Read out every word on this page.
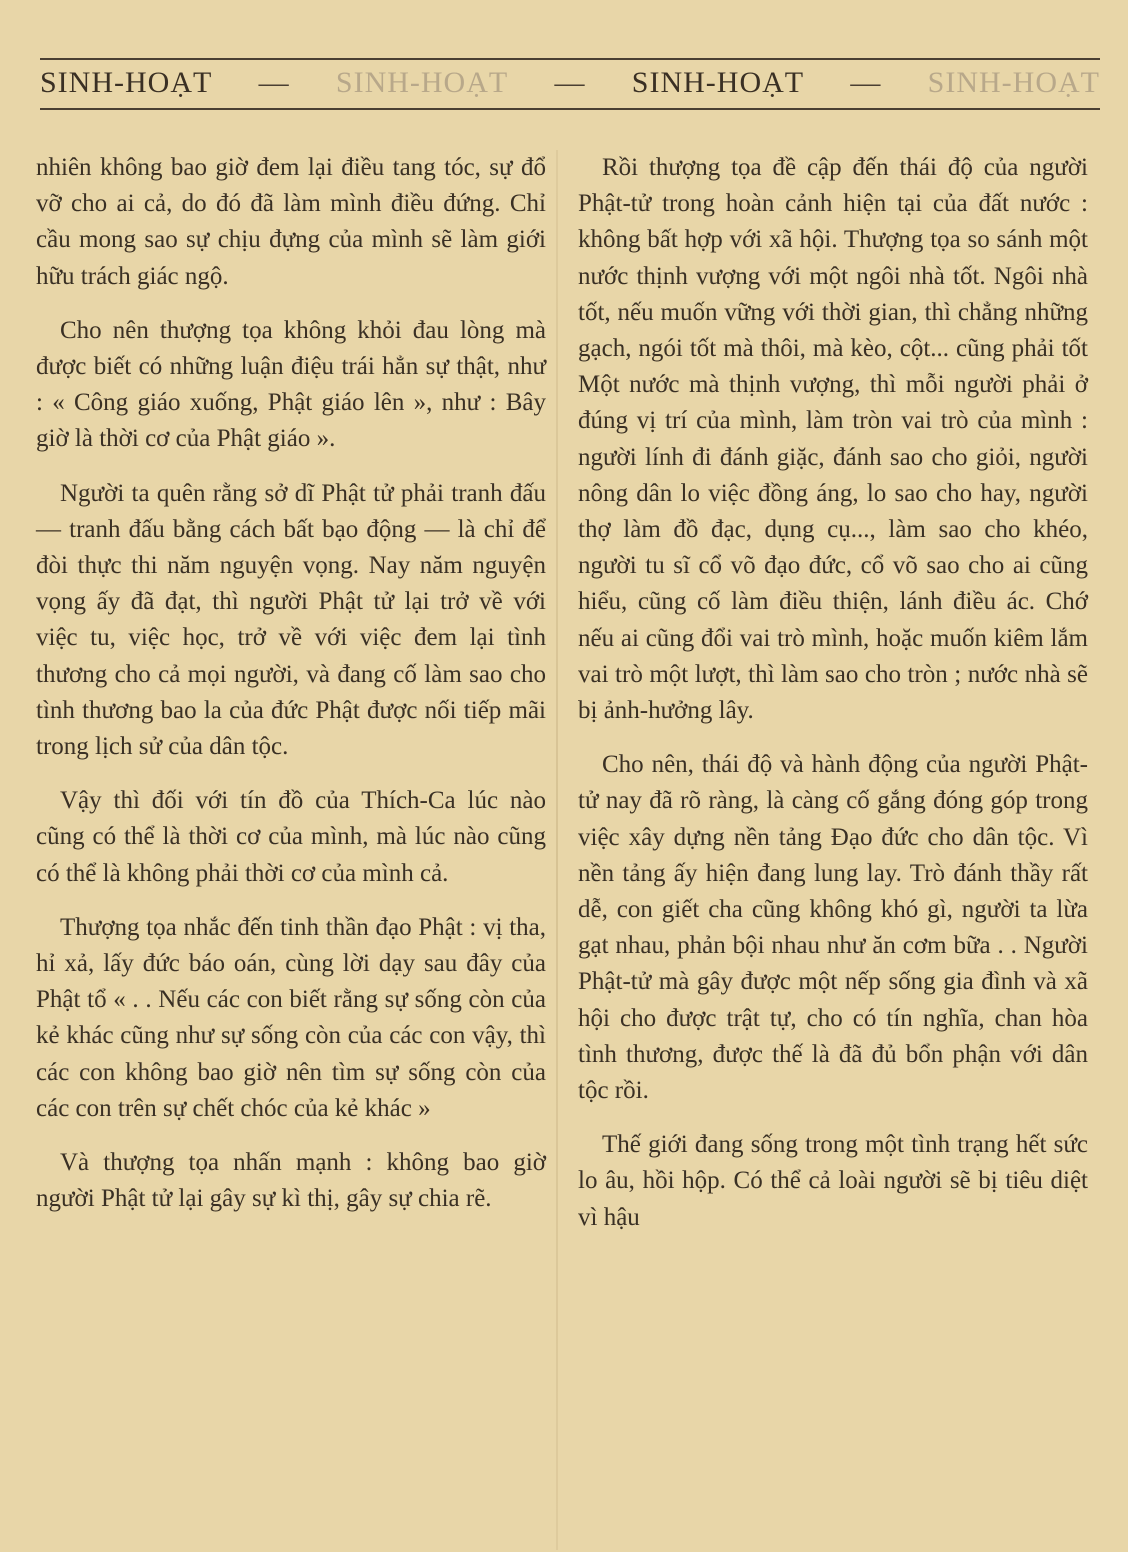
SINH-HOẠT — SINH-HOẠT — SINH-HOẠT — SINH-HOẠT

nhiên không bao giờ đem lại điều tang tóc, sự đổ vỡ cho ai cả, do đó đã làm mình điều đứng. Chỉ cầu mong sao sự chịu đựng của mình sẽ làm giới hữu trách giác ngộ.

Cho nên thượng tọa không khỏi đau lòng mà được biết có những luận điệu trái hẳn sự thật, như : « Công giáo xuống, Phật giáo lên », như : Bây giờ là thời cơ của Phật giáo ».

Người ta quên rằng sở dĩ Phật tử phải tranh đấu — tranh đấu bằng cách bất bạo động — là chỉ để đòi thực thi năm nguyện vọng. Nay năm nguyện vọng ấy đã đạt, thì người Phật tử lại trở về với việc tu, việc học, trở về với việc đem lại tình thương cho cả mọi người, và đang cố làm sao cho tình thương bao la của đức Phật được nối tiếp mãi trong lịch sử của dân tộc.

Vậy thì đối với tín đồ của Thích-Ca lúc nào cũng có thể là thời cơ của mình, mà lúc nào cũng có thể là không phải thời cơ của mình cả.

Thượng tọa nhắc đến tinh thần đạo Phật : vị tha, hỉ xả, lấy đức báo oán, cùng lời dạy sau đây của Phật tổ « . . Nếu các con biết rằng sự sống còn của kẻ khác cũng như sự sống còn của các con vậy, thì các con không bao giờ nên tìm sự sống còn của các con trên sự chết chóc của kẻ khác »

Và thượng tọa nhấn mạnh : không bao giờ người Phật tử lại gây sự kì thị, gây sự chia rẽ.

Rồi thượng tọa đề cập đến thái độ của người Phật-tử trong hoàn cảnh hiện tại của đất nước : không bất hợp với xã hội. Thượng tọa so sánh một nước thịnh vượng với một ngôi nhà tốt. Ngôi nhà tốt, nếu muốn vững với thời gian, thì chẳng những gạch, ngói tốt mà thôi, mà kèo, cột... cũng phải tốt Một nước mà thịnh vượng, thì mỗi người phải ở đúng vị trí của mình, làm tròn vai trò của mình : người lính đi đánh giặc, đánh sao cho giỏi, người nông dân lo việc đồng áng, lo sao cho hay, người thợ làm đồ đạc, dụng cụ..., làm sao cho khéo, người tu sĩ cổ võ đạo đức, cổ võ sao cho ai cũng hiểu, cũng cố làm điều thiện, lánh điều ác. Chớ nếu ai cũng đổi vai trò mình, hoặc muốn kiêm lắm vai trò một lượt, thì làm sao cho tròn ; nước nhà sẽ bị ảnh-hưởng lây.

Cho nên, thái độ và hành động của người Phật-tử nay đã rõ ràng, là càng cố gắng đóng góp trong việc xây dựng nền tảng Đạo đức cho dân tộc. Vì nền tảng ấy hiện đang lung lay. Trò đánh thầy rất dễ, con giết cha cũng không khó gì, người ta lừa gạt nhau, phản bội nhau như ăn cơm bữa . . Người Phật-tử mà gây được một nếp sống gia đình và xã hội cho được trật tự, cho có tín nghĩa, chan hòa tình thương, được thế là đã đủ bổn phận với dân tộc rồi.

Thế giới đang sống trong một tình trạng hết sức lo âu, hồi hộp. Có thể cả loài người sẽ bị tiêu diệt vì hậu
